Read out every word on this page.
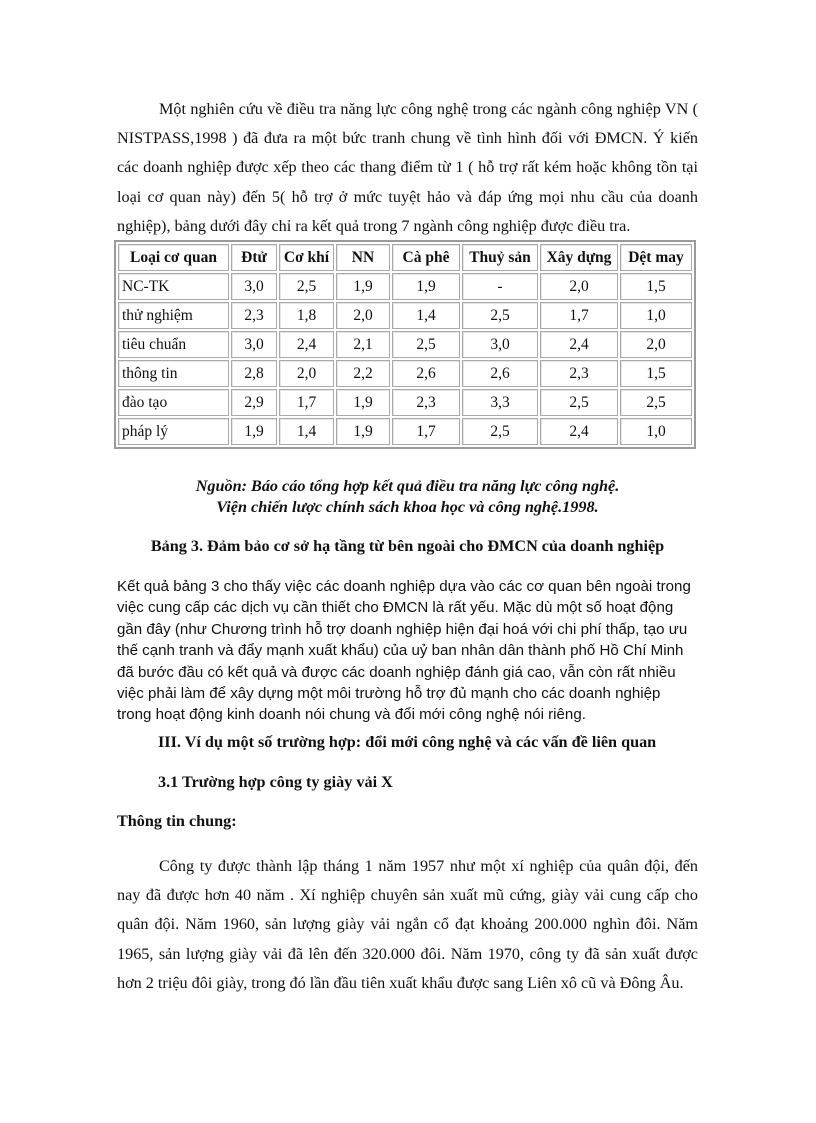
Một nghiên cứu về điều tra năng lực công nghệ trong các ngành công nghiệp VN ( NISTPASS,1998 ) đã đưa ra một bức tranh chung về tình hình đối với ĐMCN. Ý kiến các doanh nghiệp được xếp theo các thang điểm từ 1 ( hỗ trợ rất kém hoặc không tồn tại loại cơ quan này) đến 5( hỗ trợ ở mức tuyệt hảo và đáp ứng mọi nhu cầu của doanh nghiệp), bảng dưới đây chỉ ra kết quả trong 7 ngành công nghiệp được điều tra.

Loại cơ quan	Đtử	Cơ khí	NN	Cà phê	Thuỷ sản	Xây dựng	Dệt may
NC-TK	3,0	2,5	1,9	1,9	-	2,0	1,5
thử nghiệm	2,3	1,8	2,0	1,4	2,5	1,7	1,0
tiêu chuẩn	3,0	2,4	2,1	2,5	3,0	2,4	2,0
thông tin	2,8	2,0	2,2	2,6	2,6	2,3	1,5
đào tạo	2,9	1,7	1,9	2,3	3,3	2,5	2,5
pháp lý	1,9	1,4	1,9	1,7	2,5	2,4	1,0
Nguồn: Báo cáo tổng hợp kết quả điều tra năng lực công nghệ.
Viện chiến lược chính sách khoa học và công nghệ.1998.
Bảng 3. Đảm bảo cơ sở hạ tầng từ bên ngoài cho ĐMCN của doanh nghiệp

Kết quả bảng 3 cho thấy việc các doanh nghiệp dựa vào các cơ quan bên ngoài trong việc cung cấp các dịch vụ cần thiết cho ĐMCN là rất yếu. Mặc dù một số hoạt động gần đây (như Chương trình hỗ trợ doanh nghiệp hiện đại hoá với chi phí thấp, tạo ưu thế cạnh tranh và đẩy mạnh xuất khẩu) của uỷ ban nhân dân thành phố Hồ Chí Minh đã bước đầu có kết quả và được các doanh nghiệp đánh giá cao, vẫn còn rất nhiều việc phải làm để xây dựng một môi trường hỗ trợ đủ mạnh cho các doanh nghiệp trong hoạt động kinh doanh nói chung và đổi mới công nghệ nói riêng.

III. Ví dụ một số trường hợp: đổi mới công nghệ và các vấn đề liên quan
3.1 Trường hợp công ty giày vải X
Thông tin chung:

Công ty được thành lập tháng 1 năm 1957 như một xí nghiệp của quân đội, đến nay đã được hơn 40 năm . Xí nghiệp chuyên sản xuất mũ cứng, giày vải cung cấp cho quân đội. Năm 1960, sản lượng giày vải ngắn cổ đạt khoảng 200.000 nghìn đôi. Năm 1965, sản lượng giày vải đã lên đến 320.000 đôi. Năm 1970, công ty đã sản xuất được hơn 2 triệu đôi giày, trong đó lần đầu tiên xuất khẩu được sang Liên xô cũ và Đông Âu.
